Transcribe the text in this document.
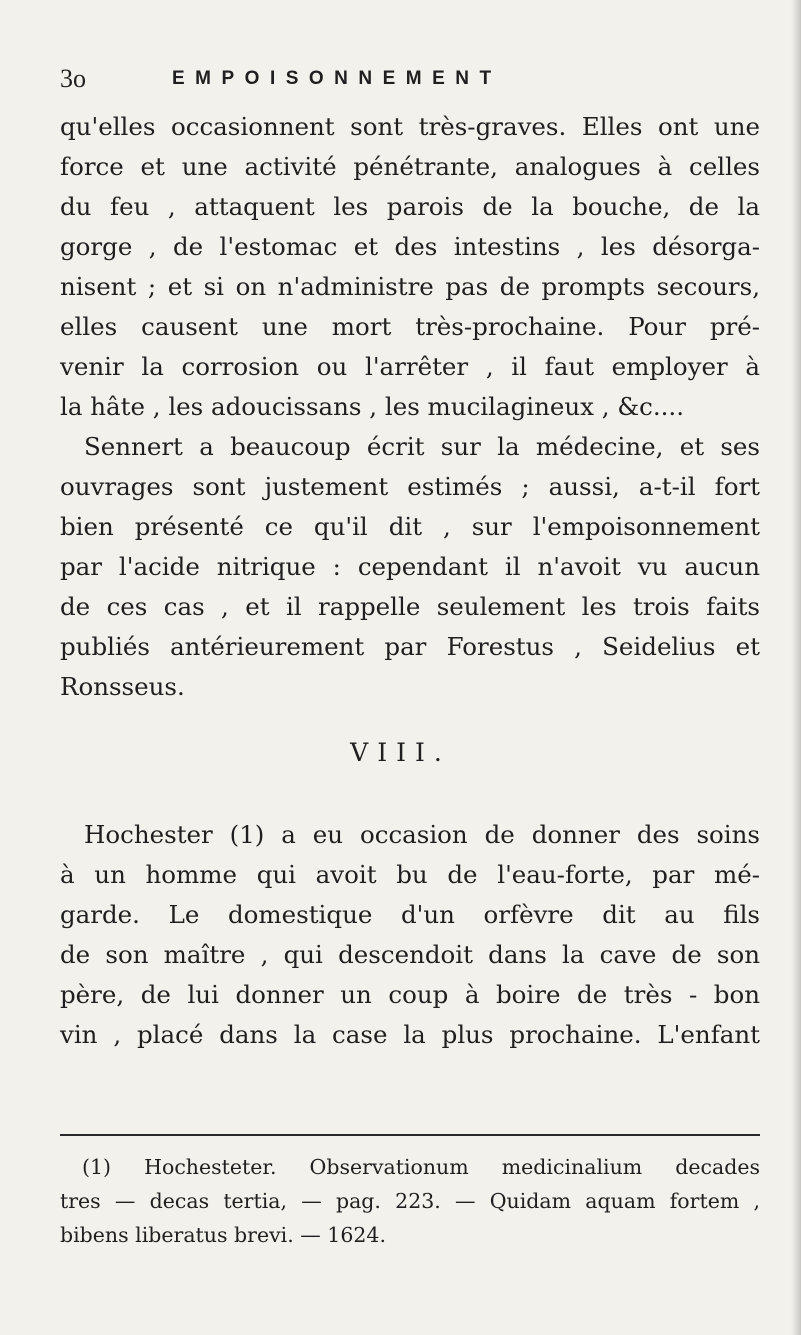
3o	EMPOISONNEMENT
qu'elles occasionnent sont très-graves. Elles ont une
force et une activité pénétrante, analogues à celles
du feu , attaquent les parois de la bouche, de la
gorge , de l'estomac et des intestins , les désorga-
nisent ; et si on n'administre pas de prompts secours,
elles causent une mort très-prochaine. Pour pré-
venir la corrosion ou l'arrêter , il faut employer à
la hâte , les adoucissans , les mucilagineux , &c....
Sennert a beaucoup écrit sur la médecine, et ses
ouvrages sont justement estimés ; aussi, a-t-il fort
bien présenté ce qu'il dit , sur l'empoisonnement
par l'acide nitrique : cependant il n'avoit vu aucun
de ces cas , et il rappelle seulement les trois faits
publiés antérieurement par Forestus , Seidelius et
Ronsseus.
VIII.
Hochester (1) a eu occasion de donner des soins
à un homme qui avoit bu de l'eau-forte, par mé-
garde. Le domestique d'un orfèvre dit au fils
de son maître , qui descendoit dans la cave de son
père, de lui donner un coup à boire de très - bon
vin , placé dans la case la plus prochaine. L'enfant
(1) Hochesteter. Observationum medicinalium decades
tres — decas tertia, — pag. 223. — Quidam aquam fortem ,
bibens liberatus brevi. — 1624.
